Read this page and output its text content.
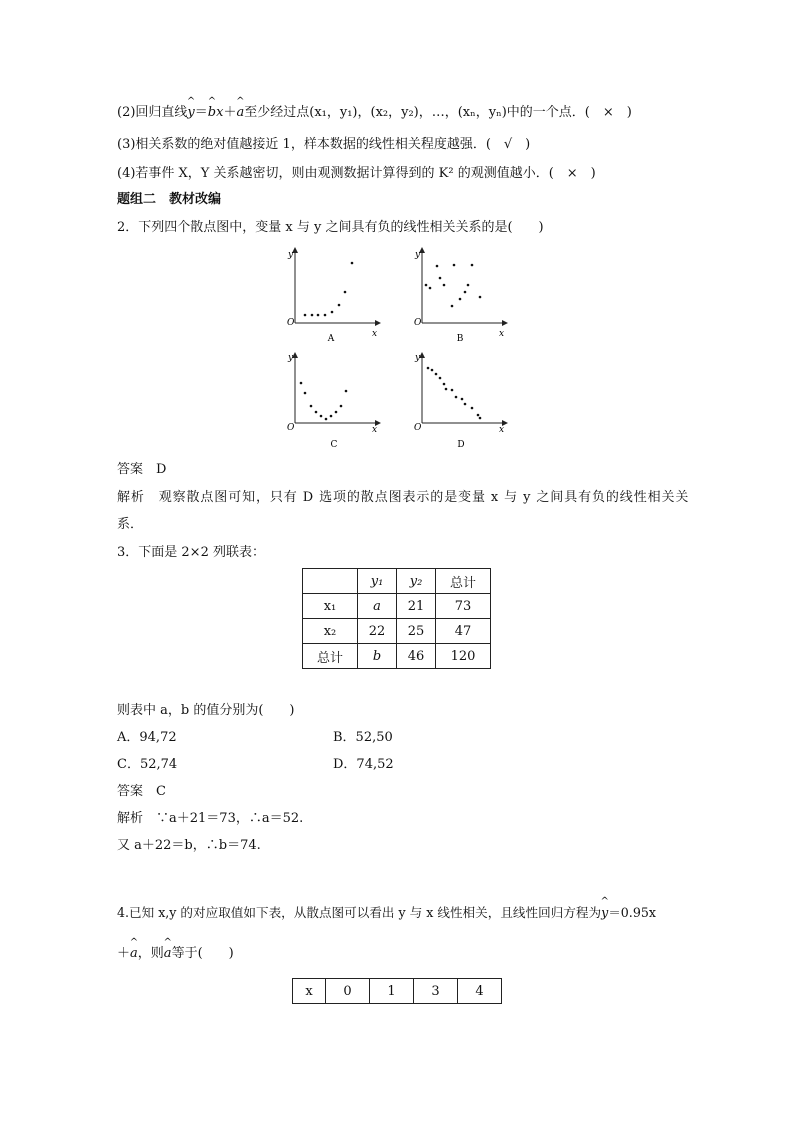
(2)回归直线^ y＝^ bx＋^ a至少经过点(x₁，y₁)，(x₂，y₂)，…，(xₙ，yₙ)中的一个点．(　×　)
(3)相关系数的绝对值越接近 1，样本数据的线性相关程度越强．(　√　)
(4)若事件 X，Y 关系越密切，则由观测数据计算得到的 K² 的观测值越小．(　×　)
题组二　教材改编
2．下列四个散点图中，变量 x 与 y 之间具有负的线性相关关系的是(　　)
y
x
O
A
y
x
O
B
y
x
O
C
y
x
O
D
答案　D
解析　观察散点图可知，只有 D 选项的散点图表示的是变量 x 与 y 之间具有负的线性相关关
系．
3．下面是 2×2 列联表：
	y₁	y₂	总计
x₁	a	21	73
x₂	22	25	47
总计	b	46	120
则表中 a，b 的值分别为(　　)
A．94,72	B．52,50
C．52,74	D．74,52
答案　C
解析　∵a＋21＝73，∴a＝52.
又 a＋22＝b，∴b＝74.
4.已知 x,y 的对应取值如下表，从散点图可以看出 y 与 x 线性相关，且线性回归方程为^ y＝0.95x
＋^ a，则^ a等于(　　)
x	0	1	3	4
